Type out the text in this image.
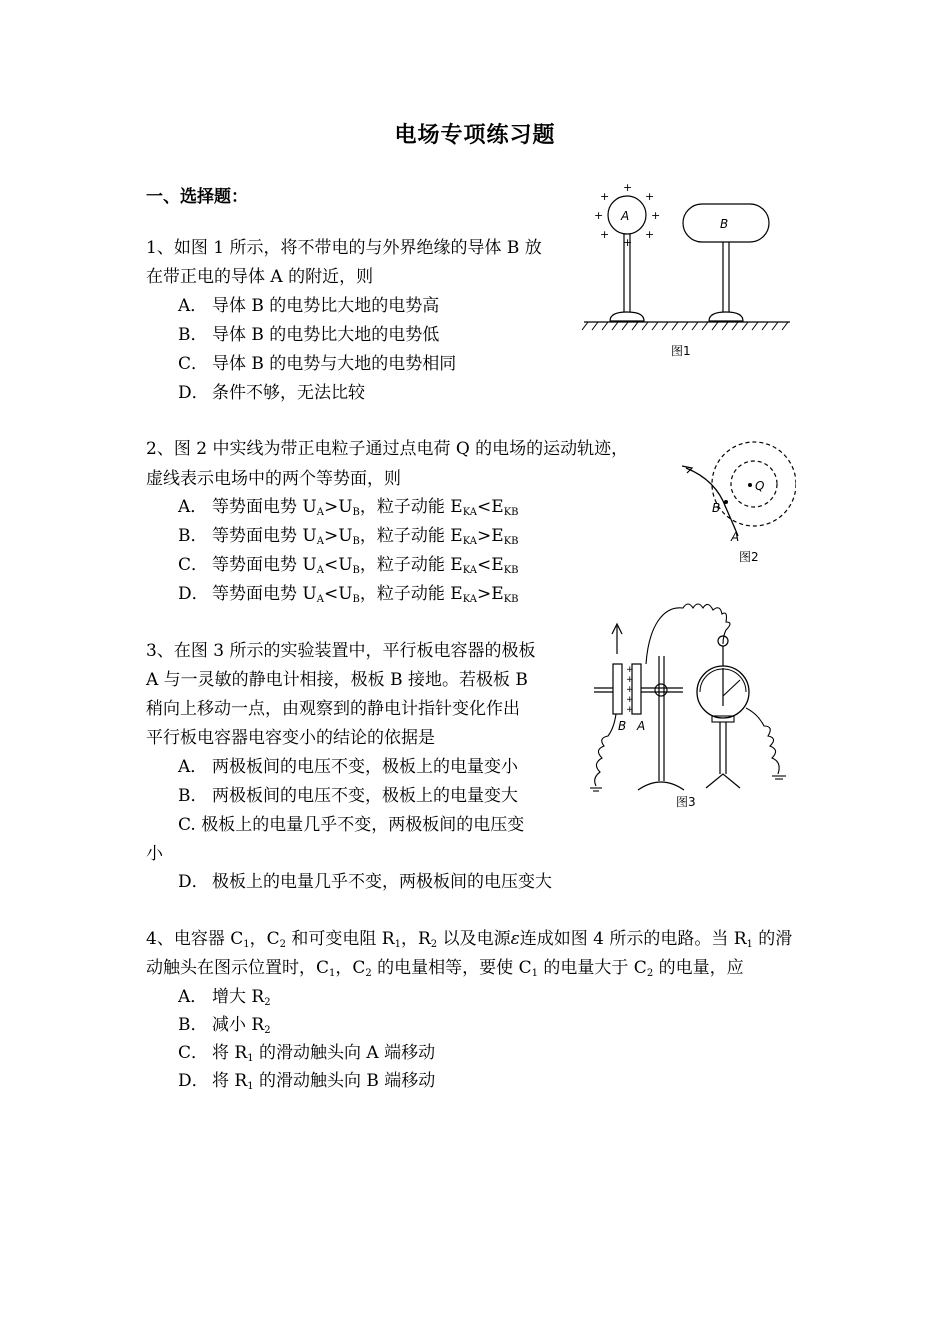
电场专项练习题
一、选择题：
1、如图 1 所示，将不带电的与外界绝缘的导体 B 放
在带正电的导体 A 的附近，则
A． 导体 B 的电势比大地的电势高
B． 导体 B 的电势比大地的电势低
C． 导体 B 的电势与大地的电势相同
D． 条件不够，无法比较
A
+
+	+
+	+
+	+
+
B
图1
2、图 2 中实线为带正电粒子通过点电荷 Q 的电场的运动轨迹，
虚线表示电场中的两个等势面，则
A． 等势面电势 $U_A>U_B$，粒子动能 $E_{KA}<E_{KB}$
B． 等势面电势 $U_A>U_B$，粒子动能 $E_{KA}>E_{KB}$
C． 等势面电势 $U_A<U_B$，粒子动能 $E_{KA}<E_{KB}$
D． 等势面电势 $U_A<U_B$，粒子动能 $E_{KA}>E_{KB}$
Q
B
A
图2
3、在图 3 所示的实验装置中，平行板电容器的极板
A 与一灵敏的静电计相接，极板 B 接地。若极板 B
稍向上移动一点，由观察到的静电计指针变化作出
平行板电容器电容变小的结论的依据是
A． 两极板间的电压不变，极板上的电量变小
B． 两极板间的电压不变，极板上的电量变大
C. 极板上的电量几乎不变，两极板间的电压变
小
D． 极板上的电量几乎不变，两极板间的电压变大
+
+
+
+
+
B A
图3
4、电容器 $C_1$，$C_2$ 和可变电阻 $R_1$，$R_2$ 以及电源ε连成如图 4 所示的电路。当 $R_1$ 的滑
动触头在图示位置时，$C_1$，$C_2$ 的电量相等，要使 $C_1$ 的电量大于 $C_2$ 的电量，应
A． 增大 $R_2$
B． 减小 $R_2$
C． 将 $R_1$ 的滑动触头向 A 端移动
D． 将 $R_1$ 的滑动触头向 B 端移动
